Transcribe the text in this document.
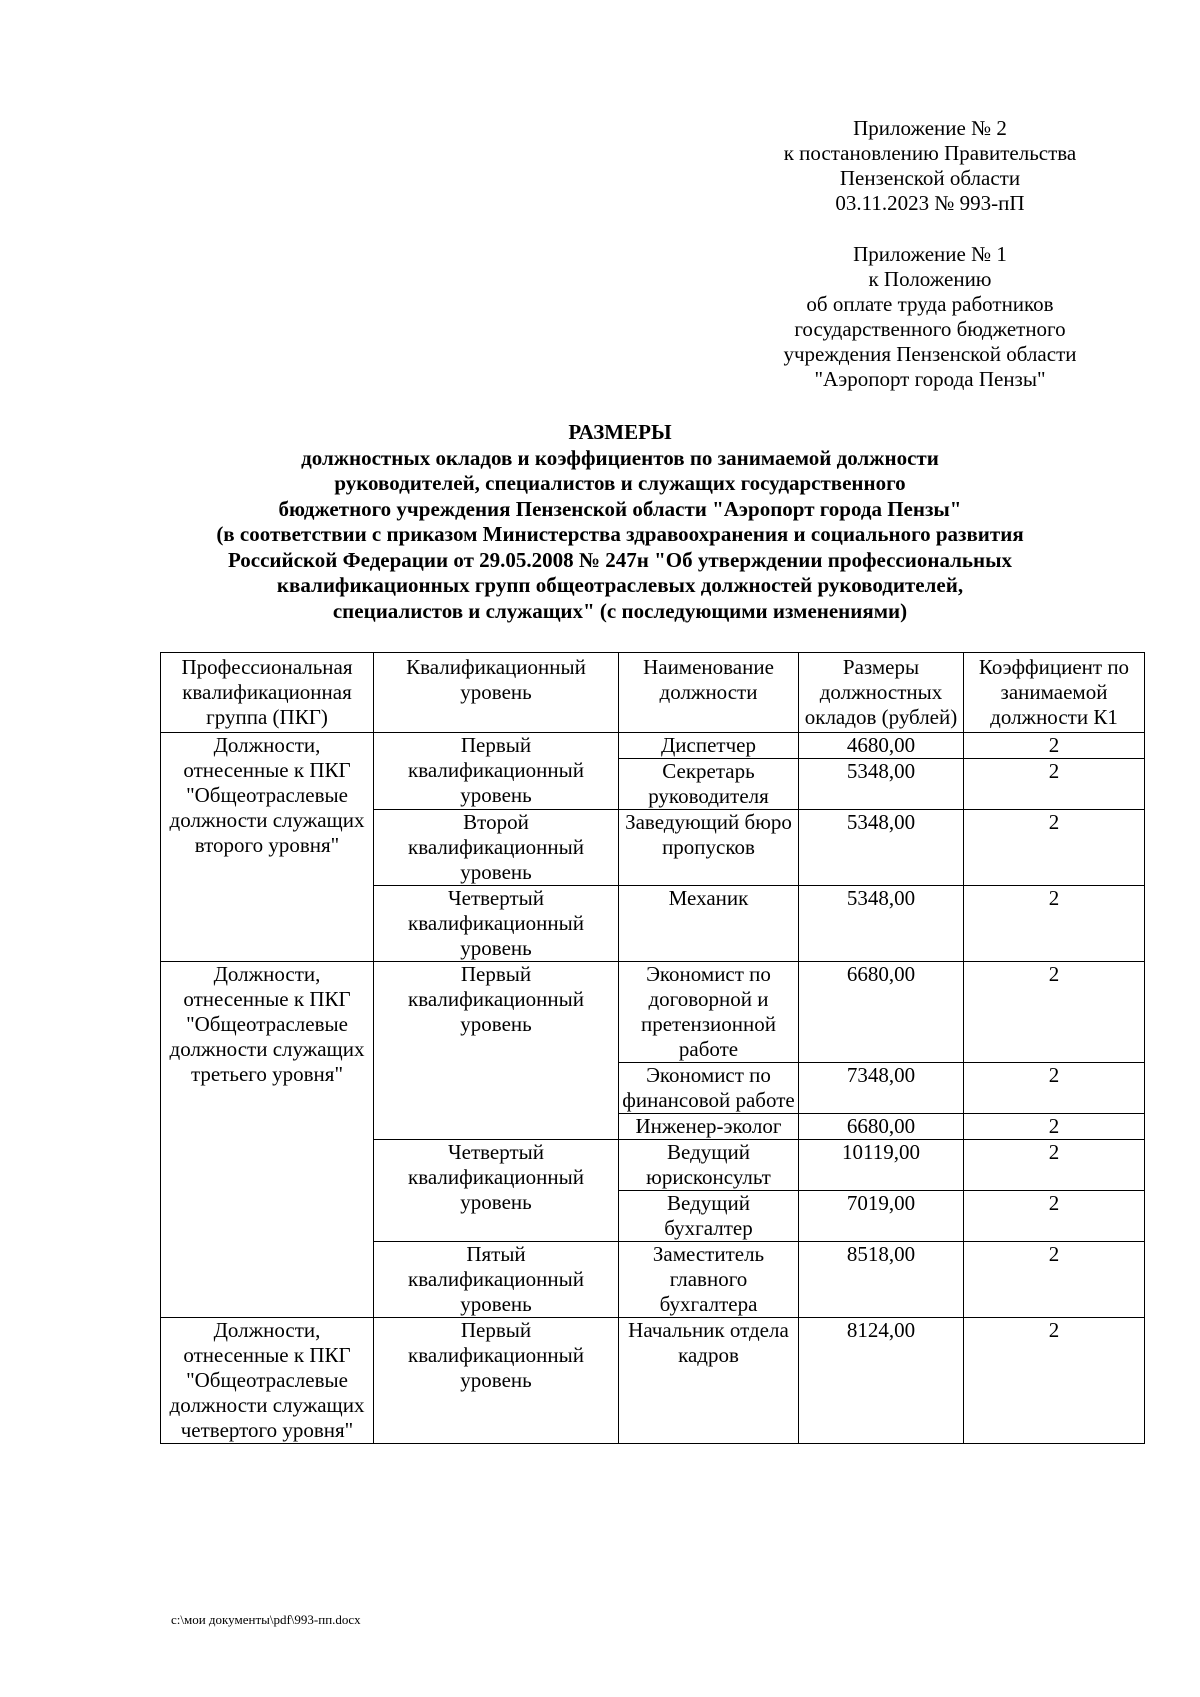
Приложение № 2
к постановлению Правительства
Пензенской области
03.11.2023 № 993-пП
Приложение № 1
к Положению
об оплате труда работников
государственного бюджетного
учреждения Пензенской области
"Аэропорт города Пензы"
РАЗМЕРЫ
должностных окладов и коэффициентов по занимаемой должности
руководителей, специалистов и служащих государственного
бюджетного учреждения Пензенской области "Аэропорт города Пензы"
(в соответствии с приказом Министерства здравоохранения и социального развития
Российской Федерации от 29.05.2008 № 247н "Об утверждении профессиональных
квалификационных групп общеотраслевых должностей руководителей,
специалистов и служащих" (с последующими изменениями)
Профессиональная квалификационная группа (ПКГ)	Квалификационный уровень	Наименование должности	Размеры должностных окладов (рублей)	Коэффициент по занимаемой должности К1
Должности, отнесенные к ПКГ "Общеотраслевые должности служащих второго уровня"	Первый квалификационный уровень	Диспетчер	4680,00	2
		Секретарь руководителя	5348,00	2
	Второй квалификационный уровень	Заведующий бюро пропусков	5348,00	2
	Четвертый квалификационный уровень	Механик	5348,00	2
Должности, отнесенные к ПКГ "Общеотраслевые должности служащих третьего уровня"	Первый квалификационный уровень	Экономист по договорной и претензионной работе	6680,00	2
		Экономист по финансовой работе	7348,00	2
		Инженер-эколог	6680,00	2
	Четвертый квалификационный уровень	Ведущий юрисконсульт	10119,00	2
		Ведущий бухгалтер	7019,00	2
	Пятый квалификационный уровень	Заместитель главного бухгалтера	8518,00	2
Должности, отнесенные к ПКГ "Общеотраслевые должности служащих четвертого уровня"	Первый квалификационный уровень	Начальник отдела кадров	8124,00	2
c:\мои документы\pdf\993-пп.docx
